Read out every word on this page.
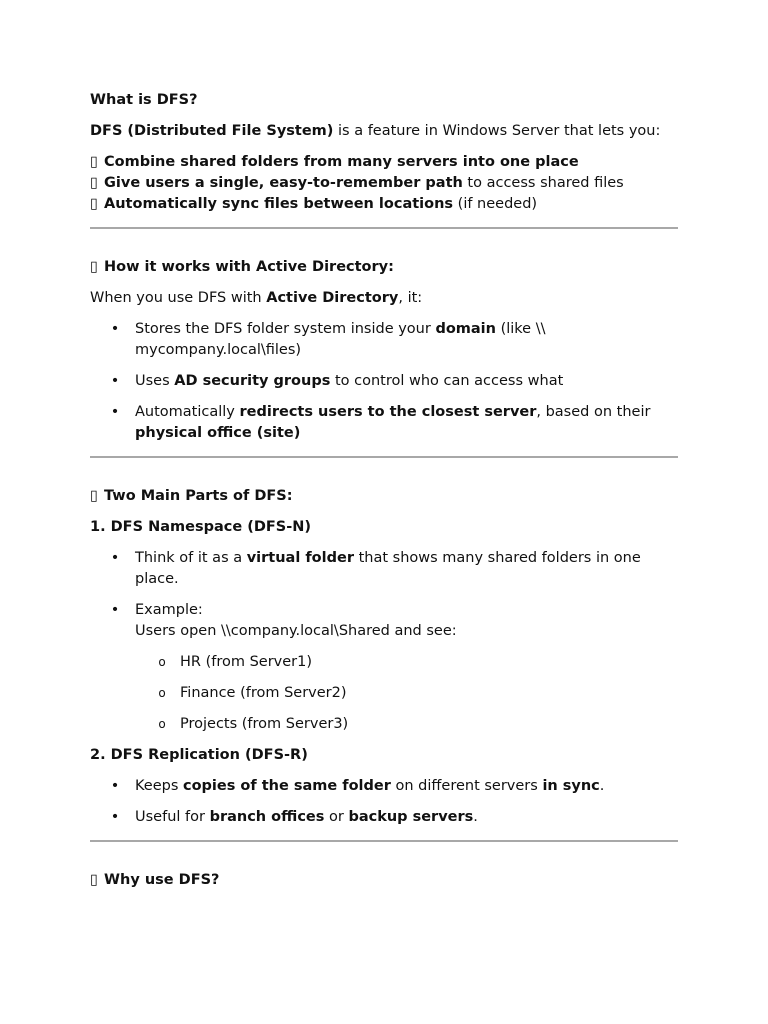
What is DFS?

DFS (Distributed File System) is a feature in Windows Server that lets you:

▯ Combine shared folders from many servers into one place

▯ Give users a single, easy-to-remember path to access shared files

▯ Automatically sync files between locations (if needed)

▯ How it works with Active Directory:

When you use DFS with Active Directory, it:

• Stores the DFS folder system inside your domain (like \\ mycompany.local\files)
• Uses AD security groups to control who can access what
• Automatically redirects users to the closest server, based on their physical office (site)

▯ Two Main Parts of DFS:

1. DFS Namespace (DFS-N)

• Think of it as a virtual folder that shows many shared folders in one place.
• Example:
Users open \\company.local\Shared and see:
o HR (from Server1)
o Finance (from Server2)
o Projects (from Server3)

2. DFS Replication (DFS-R)

• Keeps copies of the same folder on different servers in sync.
• Useful for branch offices or backup servers.

▯ Why use DFS?
